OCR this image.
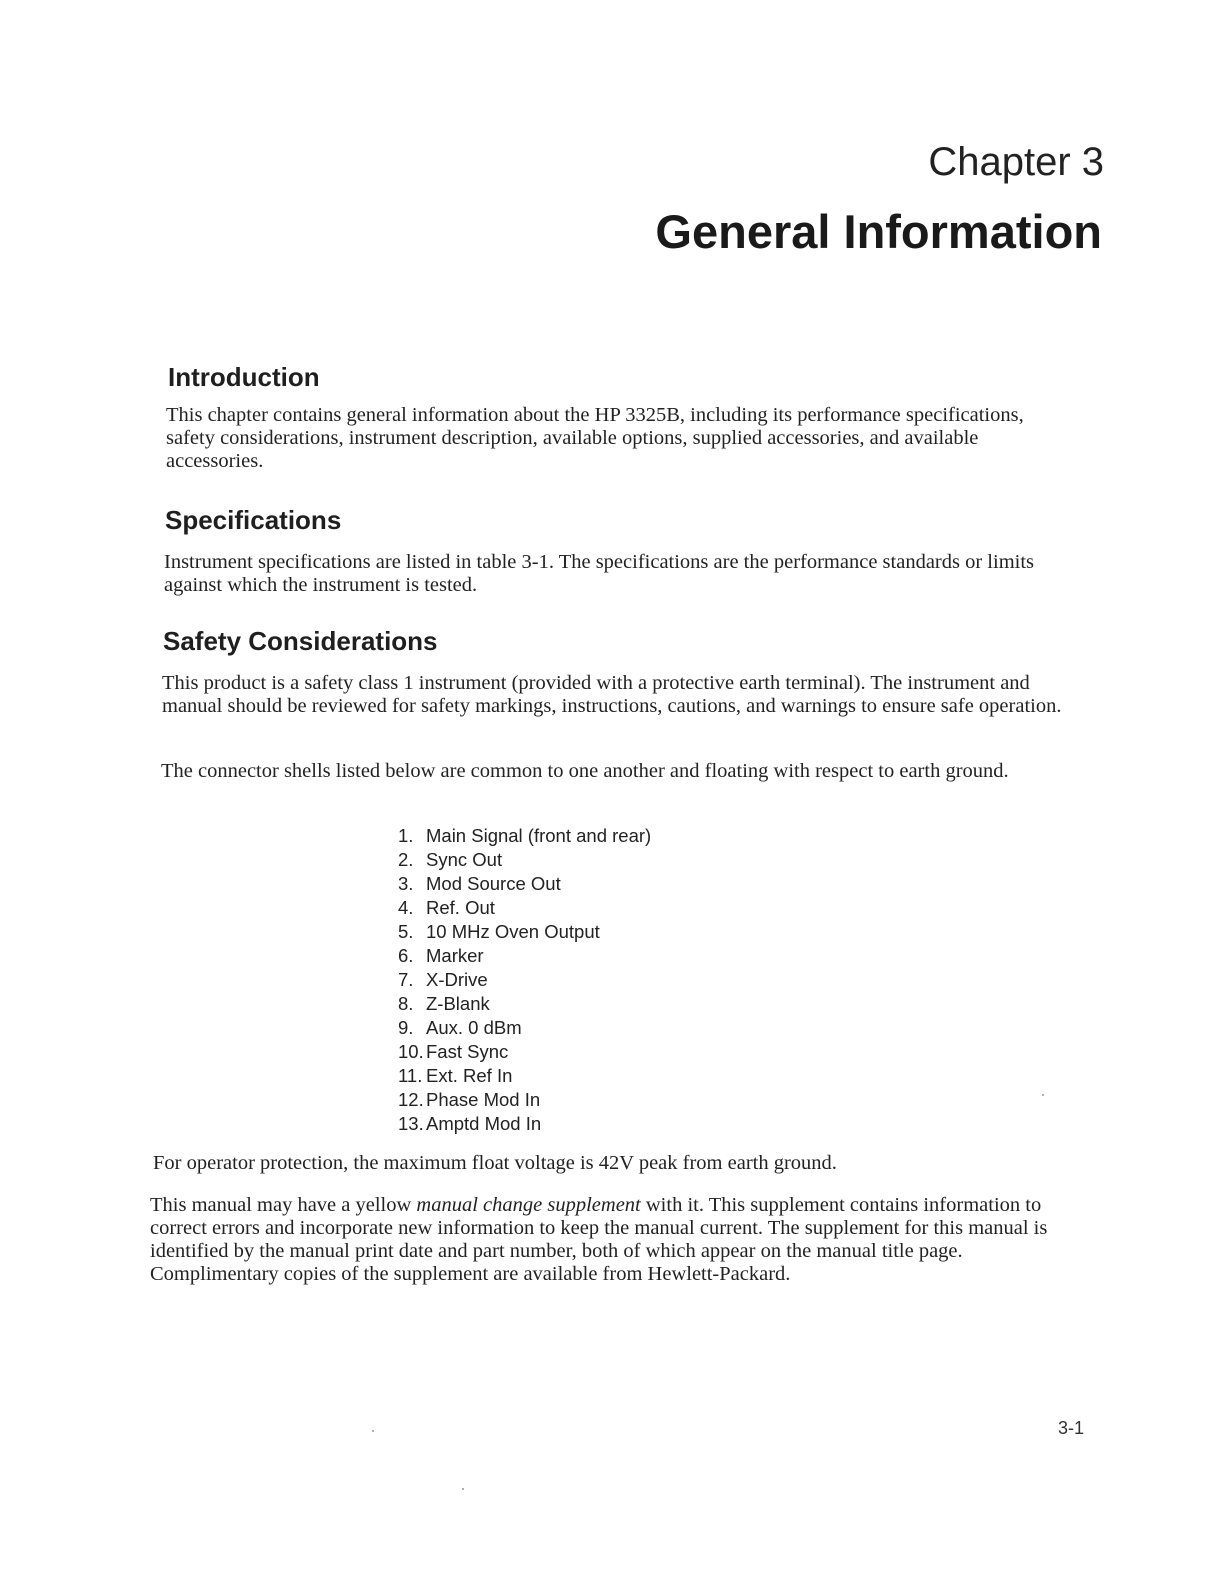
Chapter 3
General Information
Introduction

This chapter contains general information about the HP 3325B, including its performance specifications, safety considerations, instrument description, available options, supplied accessories, and available accessories.

Specifications

Instrument specifications are listed in table 3-1. The specifications are the performance standards or limits against which the instrument is tested.

Safety Considerations

This product is a safety class 1 instrument (provided with a protective earth terminal). The instrument and manual should be reviewed for safety markings, instructions, cautions, and warnings to ensure safe operation.

The connector shells listed below are common to one another and floating with respect to earth ground.

1. Main Signal (front and rear)
2. Sync Out
3. Mod Source Out
4. Ref. Out
5. 10 MHz Oven Output
6. Marker
7. X-Drive
8. Z-Blank
9. Aux. 0 dBm
10. Fast Sync
11. Ext. Ref In
12. Phase Mod In
13. Amptd Mod In

For operator protection, the maximum float voltage is 42V peak from earth ground.

This manual may have a yellow manual change supplement with it. This supplement contains information to correct errors and incorporate new information to keep the manual current. The supplement for this manual is identified by the manual print date and part number, both of which appear on the manual title page. Complimentary copies of the supplement are available from Hewlett-Packard.

3-1
